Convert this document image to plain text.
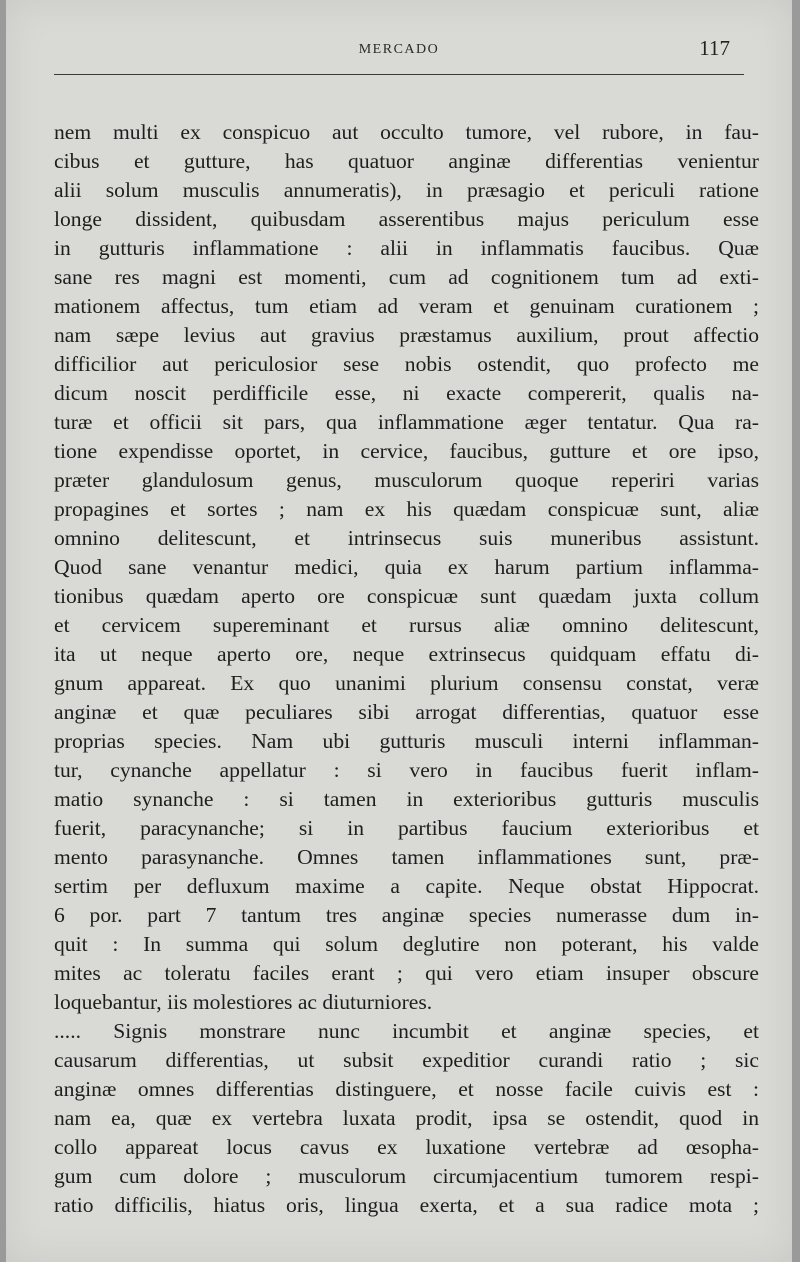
MERCADO	117
nem multi ex conspicuo aut occulto tumore, vel rubore, in fau-
cibus et gutture, has quatuor anginæ differentias venientur
alii solum musculis annumeratis), in præsagio et periculi ratione
longe dissident, quibusdam asserentibus majus periculum esse
in gutturis inflammatione : alii in inflammatis faucibus. Quæ
sane res magni est momenti, cum ad cognitionem tum ad exti-
mationem affectus, tum etiam ad veram et genuinam curationem ;
nam sæpe levius aut gravius præstamus auxilium, prout affectio
difficilior aut periculosior sese nobis ostendit, quo profecto me
dicum noscit perdifficile esse, ni exacte compererit, qualis na-
turæ et officii sit pars, qua inflammatione æger tentatur. Qua ra-
tione expendisse oportet, in cervice, faucibus, gutture et ore ipso,
præter glandulosum genus, musculorum quoque reperiri varias
propagines et sortes ; nam ex his quædam conspicuæ sunt, aliæ
omnino delitescunt, et intrinsecus suis muneribus assistunt.
Quod sane venantur medici, quia ex harum partium inflamma-
tionibus quædam aperto ore conspicuæ sunt quædam juxta collum
et cervicem supereminant et rursus aliæ omnino delitescunt,
ita ut neque aperto ore, neque extrinsecus quidquam effatu di-
gnum appareat. Ex quo unanimi plurium consensu constat, veræ
anginæ et quæ peculiares sibi arrogat differentias, quatuor esse
proprias species. Nam ubi gutturis musculi interni inflamman-
tur, cynanche appellatur : si vero in faucibus fuerit inflam-
matio synanche : si tamen in exterioribus gutturis musculis
fuerit, paracynanche; si in partibus faucium exterioribus et
mento parasynanche. Omnes tamen inflammationes sunt, præ-
sertim per defluxum maxime a capite. Neque obstat Hippocrat.
6 por. part 7 tantum tres anginæ species numerasse dum in-
quit : In summa qui solum deglutire non poterant, his valde
mites ac toleratu faciles erant ; qui vero etiam insuper obscure
loquebantur, iis molestiores ac diuturniores.
..... Signis monstrare nunc incumbit et anginæ species, et
causarum differentias, ut subsit expeditior curandi ratio ; sic
anginæ omnes differentias distinguere, et nosse facile cuivis est :
nam ea, quæ ex vertebra luxata prodit, ipsa se ostendit, quod in
collo appareat locus cavus ex luxatione vertebræ ad œsopha-
gum cum dolore ; musculorum circumjacentium tumorem respi-
ratio difficilis, hiatus oris, lingua exerta, et a sua radice mota ;
